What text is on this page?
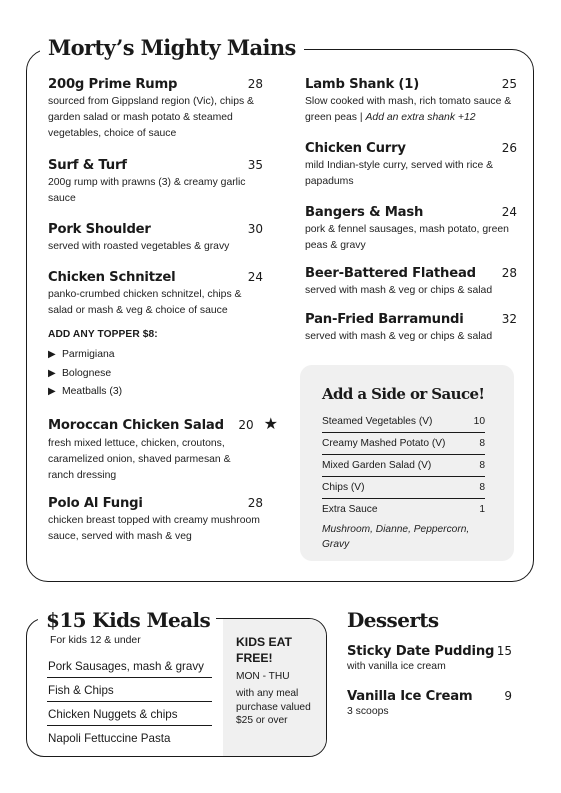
Morty’s Mighty Mains
200g Prime Rump	28
sourced from Gippsland region (Vic), chips & garden salad or mash potato & steamed vegetables, choice of sauce
Surf & Turf	35
200g rump with prawns (3) & creamy garlic sauce
Pork Shoulder	30
served with roasted vegetables & gravy
Chicken Schnitzel	24
panko-crumbed chicken schnitzel, chips & salad or mash & veg & choice of sauce
ADD ANY TOPPER $8:
▶ Parmigiana
▶ Bolognese
▶ Meatballs (3)
Moroccan Chicken Salad 20 ★
fresh mixed lettuce, chicken, croutons, caramelized onion, shaved parmesan & ranch dressing
Polo Al Fungi	28
chicken breast topped with creamy mushroom sauce, served with mash & veg
Lamb Shank (1)	25
Slow cooked with mash, rich tomato sauce & green peas | Add an extra shank +12
Chicken Curry	26
mild Indian-style curry, served with rice & papadums
Bangers & Mash	24
pork & fennel sausages, mash potato, green peas & gravy
Beer-Battered Flathead 28
served with mash & veg or chips & salad
Pan-Fried Barramundi	32
served with mash & veg or chips & salad
Add a Side or Sauce!
Steamed Vegetables (V)	10
Creamy Mashed Potato (V)	8
Mixed Garden Salad (V)	8
Chips (V)	8
Extra Sauce	1
Mushroom, Dianne, Peppercorn, Gravy
$15 Kids Meals
For kids 12 & under
Pork Sausages, mash & gravy
Fish & Chips
Chicken Nuggets & chips
Napoli Fettuccine Pasta
KIDS EAT FREE!
MON - THU
with any meal purchase valued $25 or over
Desserts
Sticky Date Pudding 15
with vanilla ice cream
Vanilla Ice Cream	9
3 scoops
